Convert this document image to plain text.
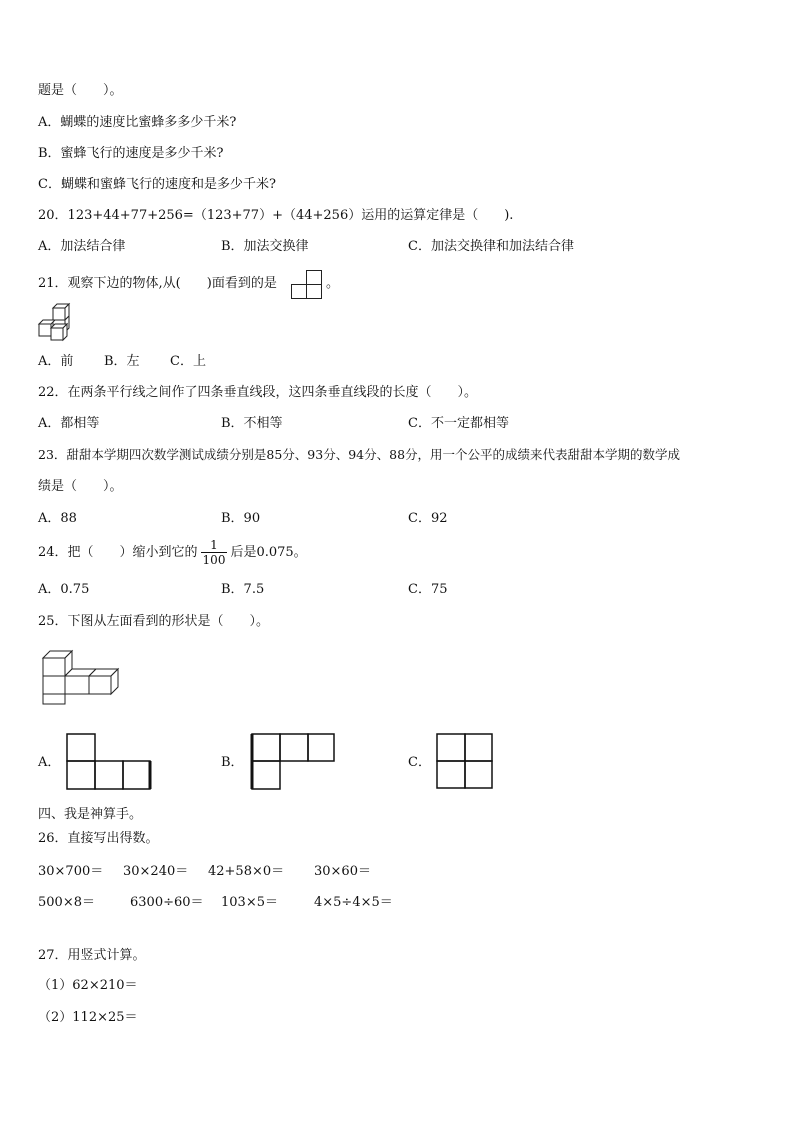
题是（　　）。
A．蝴蝶的速度比蜜蜂多多少千米?
B．蜜蜂飞行的速度是多少千米?
C．蝴蝶和蜜蜂飞行的速度和是多少千米?
20．123+44+77+256=（123+77）+（44+256）运用的运算定律是（　　).
A．加法结合律	B．加法交换律	C．加法交换律和加法结合律
21．观察下边的物体,从(　　)面看到的是	。
A．前 B．左 C．上
22．在两条平行线之间作了四条垂直线段，这四条垂直线段的长度（　　）。
A．都相等	B．不相等	C．不一定都相等
23．甜甜本学期四次数学测试成绩分别是85分、93分、94分、88分，用一个公平的成绩来代表甜甜本学期的数学成
绩是（　　）。
A．88	B．90	C．92
24．把（　　）缩小到它的 $\frac{1}{100}$ 后是0.075。
A．0.75	B．7.5	C．75
25．下图从左面看到的形状是（　　）。
A．	B．	C．
四、我是神算手。
26．直接写出得数。
30×700＝ 30×240＝ 42+58×0＝ 30×60＝
500×8＝	6300÷60＝ 103×5＝	4×5÷4×5＝
27．用竖式计算。
（1）62×210＝
（2）112×25＝
